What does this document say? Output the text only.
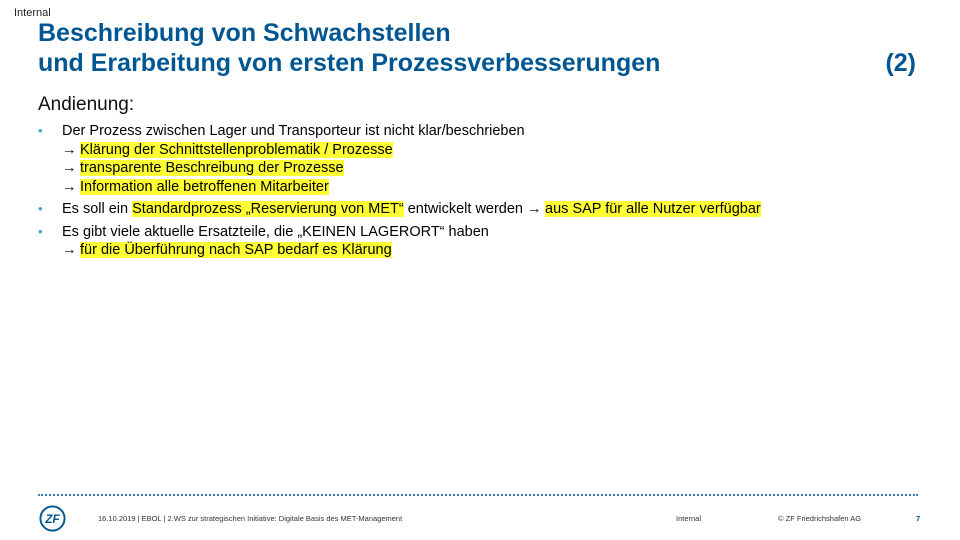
Internal
Beschreibung von Schwachstellen
und Erarbeitung von ersten Prozessverbesserungen	(2)
Andienung:
• Der Prozess zwischen Lager und Transporteur ist nicht klar/beschrieben
→ Klärung der Schnittstellenproblematik / Prozesse
→ transparente Beschreibung der Prozesse
→ Information alle betroffenen Mitarbeiter
• Es soll ein Standardprozess „Reservierung von MET“ entwickelt werden → aus SAP für alle Nutzer verfügbar
• Es gibt viele aktuelle Ersatzteile, die „KEINEN LAGERORT“ haben
→ für die Überführung nach SAP bedarf es Klärung
ZF	16.10.2019 | EBOL | 2.WS zur strategischen Initiative: Digitale Basis des MET-Management	Internal	© ZF Friedrichshafen AG	7
